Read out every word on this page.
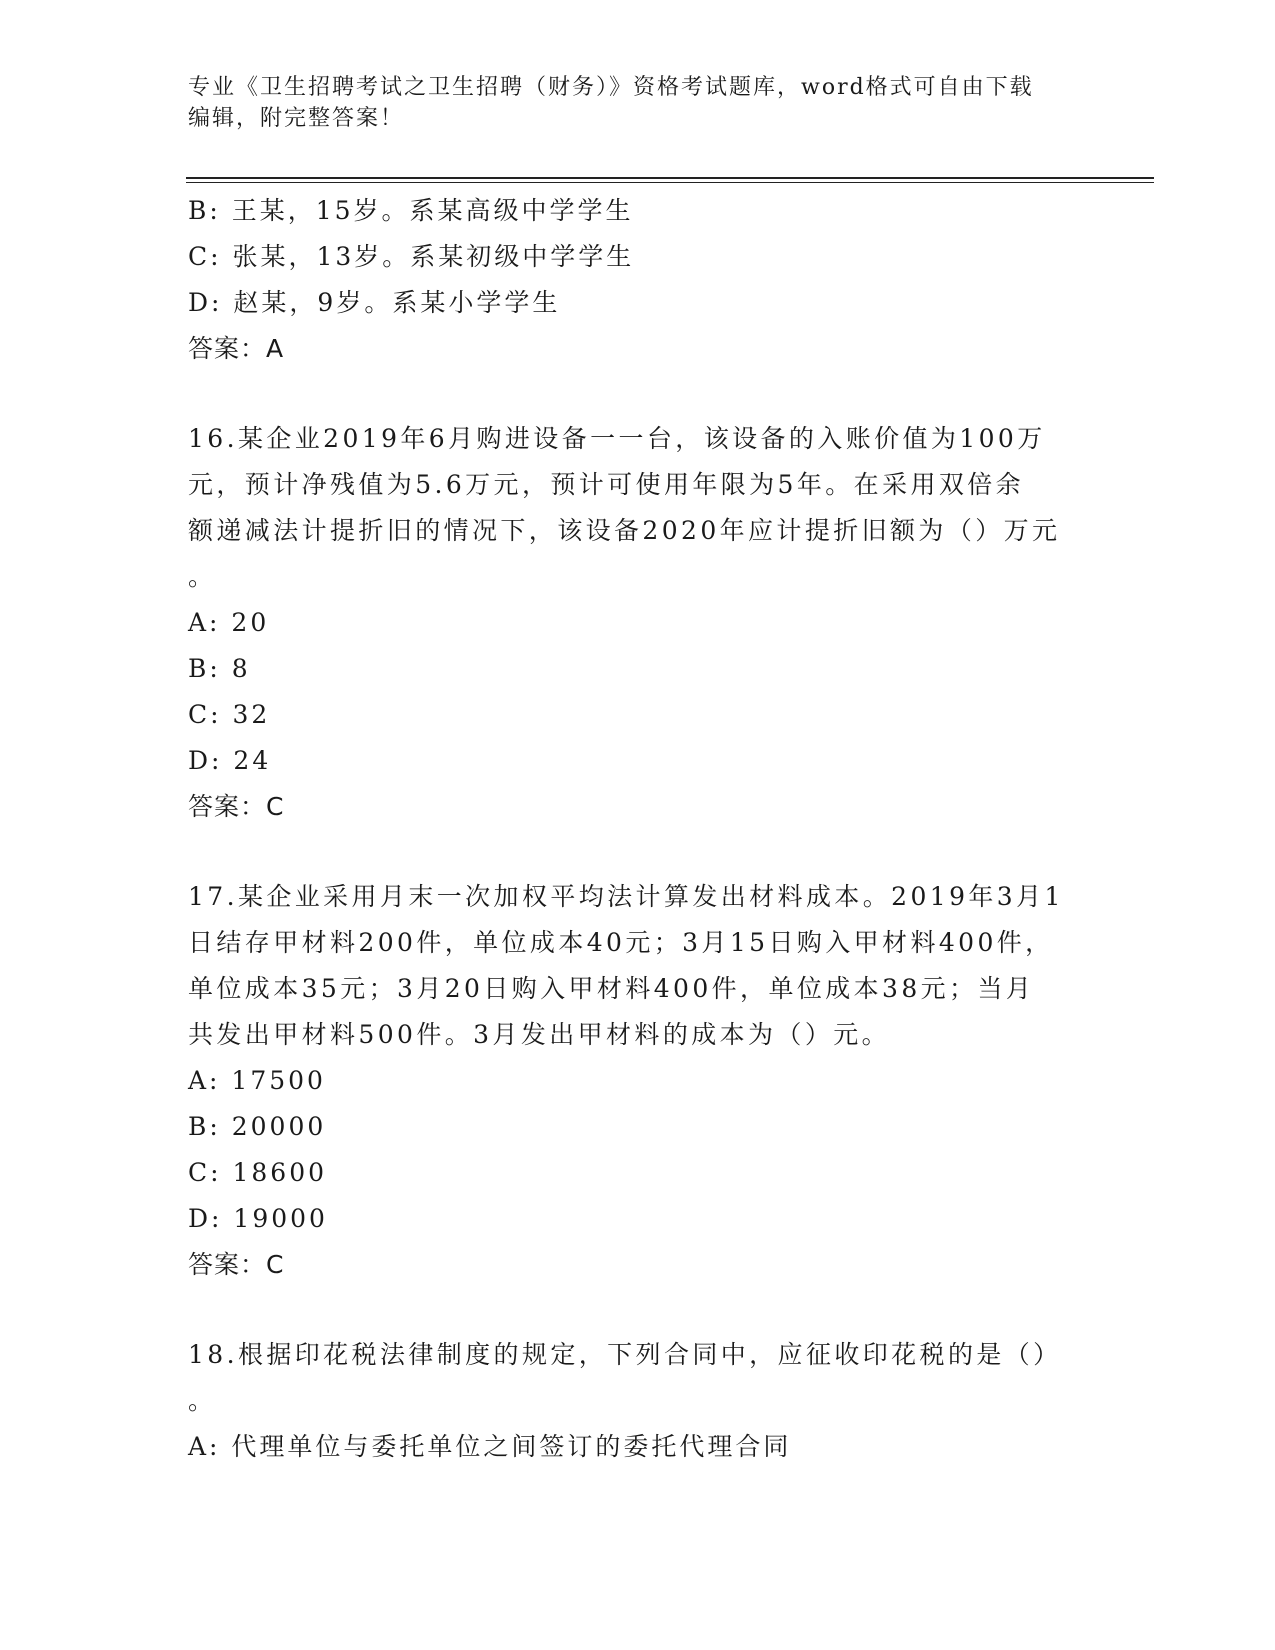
专业《卫生招聘考试之卫生招聘（财务）》资格考试题库，word格式可自由下载
编辑，附完整答案！
B: 王某，15岁。系某高级中学学生
C: 张某，13岁。系某初级中学学生
D: 赵某，9岁。系某小学学生
答案：A
16.某企业2019年6月购进设备一一台，该设备的入账价值为100万
元，预计净残值为5.6万元，预计可使用年限为5年。在采用双倍余
额递减法计提折旧的情况下，该设备2020年应计提折旧额为（）万元
。
A: 20
B: 8
C: 32
D: 24
答案：C
17.某企业采用月末一次加权平均法计算发出材料成本。2019年3月1
日结存甲材料200件，单位成本40元；3月15日购入甲材料400件，
单位成本35元；3月20日购入甲材料400件，单位成本38元；当月
共发出甲材料500件。3月发出甲材料的成本为（）元。
A: 17500
B: 20000
C: 18600
D: 19000
答案：C
18.根据印花税法律制度的规定，下列合同中，应征收印花税的是（）
。
A: 代理单位与委托单位之间签订的委托代理合同
